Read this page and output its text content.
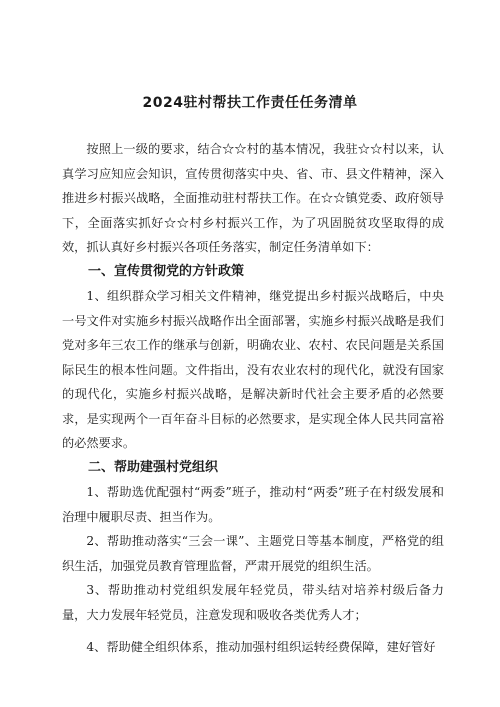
2024驻村帮扶工作责任任务清单

按照上一级的要求，结合☆☆村的基本情况，我驻☆☆村以来，认真学习应知应会知识，宣传贯彻落实中央、省、市、县文件精神，深入推进乡村振兴战略，全面推动驻村帮扶工作。在☆☆镇党委、政府领导下，全面落实抓好☆☆村乡村振兴工作，为了巩固脱贫攻坚取得的成效，抓认真好乡村振兴各项任务落实，制定任务清单如下：

一、宣传贯彻党的方针政策

1、组织群众学习相关文件精神，继党提出乡村振兴战略后，中央一号文件对实施乡村振兴战略作出全面部署，实施乡村振兴战略是我们党对多年三农工作的继承与创新，明确农业、农村、农民问题是关系国际民生的根本性问题。文件指出，没有农业农村的现代化，就没有国家的现代化，实施乡村振兴战略，是解决新时代社会主要矛盾的必然要求，是实现两个一百年奋斗目标的必然要求，是实现全体人民共同富裕的必然要求。

二、帮助建强村党组织

1、帮助选优配强村“两委”班子，推动村“两委”班子在村级发展和治理中履职尽责、担当作为。

2、帮助推动落实“三会一课”、主题党日等基本制度，严格党的组织生活，加强党员教育管理监督，严肃开展党的组织生活。

3、帮助推动村党组织发展年轻党员，带头结对培养村级后备力量，大力发展年轻党员，注意发现和吸收各类优秀人才；

4、帮助健全组织体系，推动加强村组织运转经费保障，建好管好
